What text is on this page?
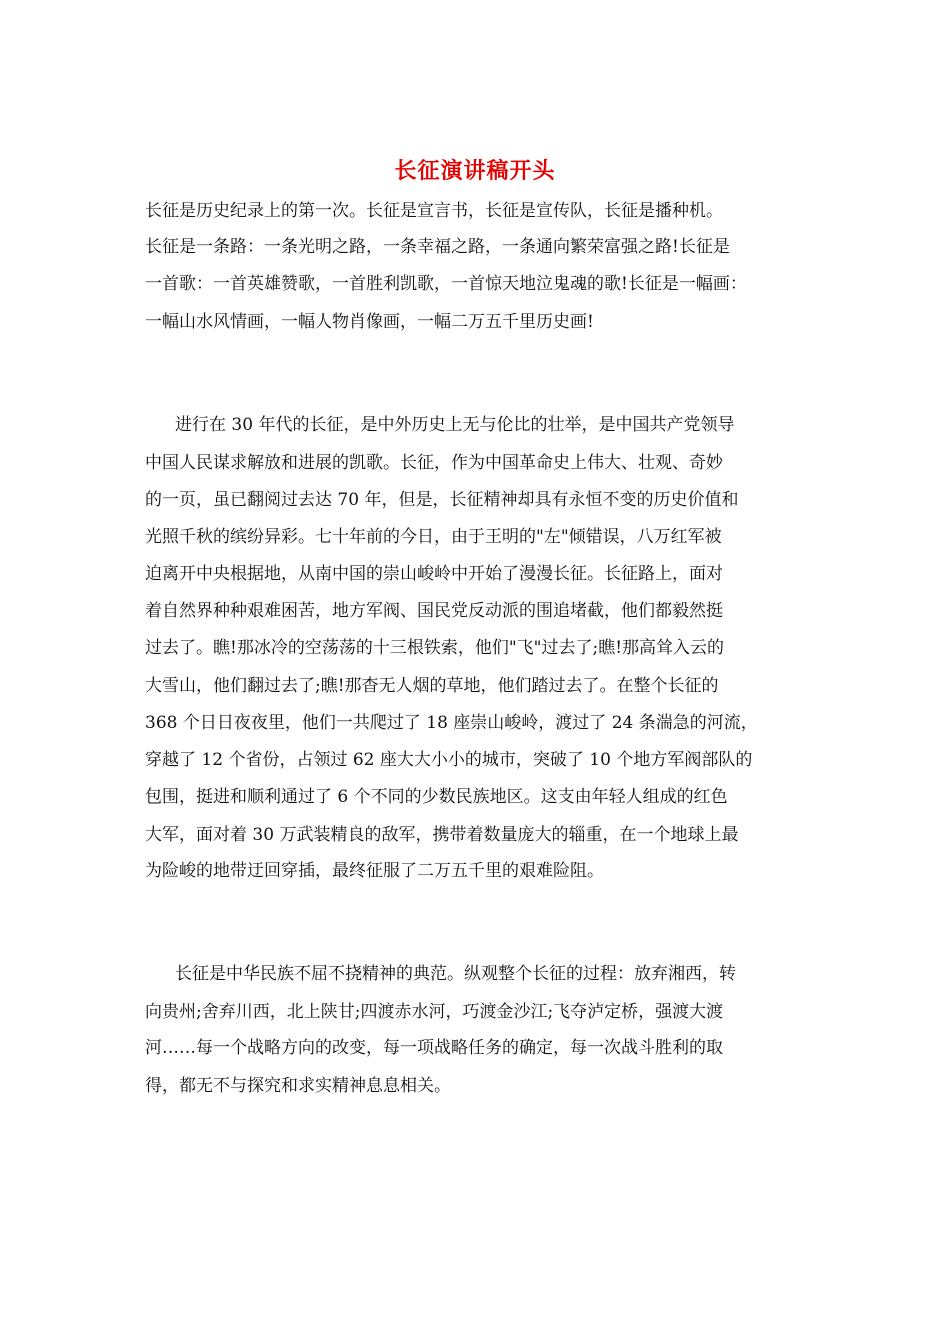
长征演讲稿开头
长征是历史纪录上的第一次。长征是宣言书，长征是宣传队，长征是播种机。
长征是一条路：一条光明之路，一条幸福之路，一条通向繁荣富强之路!长征是
一首歌：一首英雄赞歌，一首胜利凯歌，一首惊天地泣鬼魂的歌!长征是一幅画：
一幅山水风情画，一幅人物肖像画，一幅二万五千里历史画!
进行在 30 年代的长征，是中外历史上无与伦比的壮举，是中国共产党领导
中国人民谋求解放和进展的凯歌。长征，作为中国革命史上伟大、壮观、奇妙
的一页，虽已翻阅过去达 70 年，但是，长征精神却具有永恒不变的历史价值和
光照千秋的缤纷异彩。七十年前的今日，由于王明的"左"倾错误，八万红军被
迫离开中央根据地，从南中国的崇山峻岭中开始了漫漫长征。长征路上，面对
着自然界种种艰难困苦，地方军阀、国民党反动派的围追堵截，他们都毅然挺
过去了。瞧!那冰冷的空荡荡的十三根铁索，他们"飞"过去了;瞧!那高耸入云的
大雪山，他们翻过去了;瞧!那杳无人烟的草地，他们踏过去了。在整个长征的
368 个日日夜夜里，他们一共爬过了 18 座崇山峻岭，渡过了 24 条湍急的河流，
穿越了 12 个省份，占领过 62 座大大小小的城市，突破了 10 个地方军阀部队的
包围，挺进和顺利通过了 6 个不同的少数民族地区。这支由年轻人组成的红色
大军，面对着 30 万武装精良的敌军，携带着数量庞大的辎重，在一个地球上最
为险峻的地带迂回穿插，最终征服了二万五千里的艰难险阻。
长征是中华民族不屈不挠精神的典范。纵观整个长征的过程：放弃湘西，转
向贵州;舍弃川西，北上陕甘;四渡赤水河，巧渡金沙江;飞夺泸定桥，强渡大渡
河……每一个战略方向的改变，每一项战略任务的确定，每一次战斗胜利的取
得，都无不与探究和求实精神息息相关。
